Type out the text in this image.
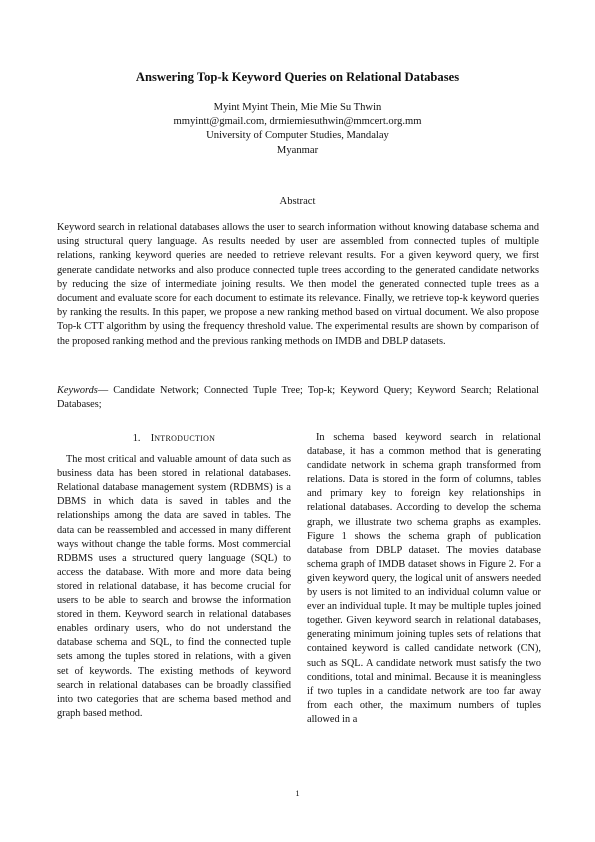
Answering Top-k Keyword Queries on Relational Databases
Myint Myint Thein, Mie Mie Su Thwin
mmyintt@gmail.com, drmiemiesuthwin@mmcert.org.mm
University of Computer Studies, Mandalay
Myanmar
Abstract
Keyword search in relational databases allows the user to search information without knowing database schema and using structural query language. As results needed by user are assembled from connected tuples of multiple relations, ranking keyword queries are needed to retrieve relevant results. For a given keyword query, we first generate candidate networks and also produce connected tuple trees according to the generated candidate networks by reducing the size of intermediate joining results. We then model the generated connected tuple trees as a document and evaluate score for each document to estimate its relevance. Finally, we retrieve top-k keyword queries by ranking the results. In this paper, we propose a new ranking method based on virtual document. We also propose Top-k CTT algorithm by using the frequency threshold value. The experimental results are shown by comparison of the proposed ranking method and the previous ranking methods on IMDB and DBLP datasets.
Keywords— Candidate Network; Connected Tuple Tree; Top-k; Keyword Query; Keyword Search; Relational Databases;
1. INTRODUCTION

The most critical and valuable amount of data such as business data has been stored in relational databases. Relational database management system (RDBMS) is a DBMS in which data is saved in tables and the relationships among the data are saved in tables. The data can be reassembled and accessed in many different ways without change the table forms. Most commercial RDBMS uses a structured query language (SQL) to access the database. With more and more data being stored in relational database, it has become crucial for users to be able to search and browse the information stored in them. Keyword search in relational databases enables ordinary users, who do not understand the database schema and SQL, to find the connected tuple sets among the tuples stored in relations, with a given set of keywords. The existing methods of keyword search in relational databases can be broadly classified into two categories that are schema based method and graph based method.

In schema based keyword search in relational database, it has a common method that is generating candidate network in schema graph transformed from relations. Data is stored in the form of columns, tables and primary key to foreign key relationships in relational databases. According to develop the schema graph, we illustrate two schema graphs as examples. Figure 1 shows the schema graph of publication database from DBLP dataset. The movies database schema graph of IMDB dataset shows in Figure 2. For a given keyword query, the logical unit of answers needed by users is not limited to an individual column value or ever an individual tuple. It may be multiple tuples joined together. Given keyword search in relational databases, generating minimum joining tuples sets of relations that contained keyword is called candidate network (CN), such as SQL. A candidate network must satisfy the two conditions, total and minimal. Because it is meaningless if two tuples in a candidate network are too far away from each other, the maximum numbers of tuples allowed in a

1
